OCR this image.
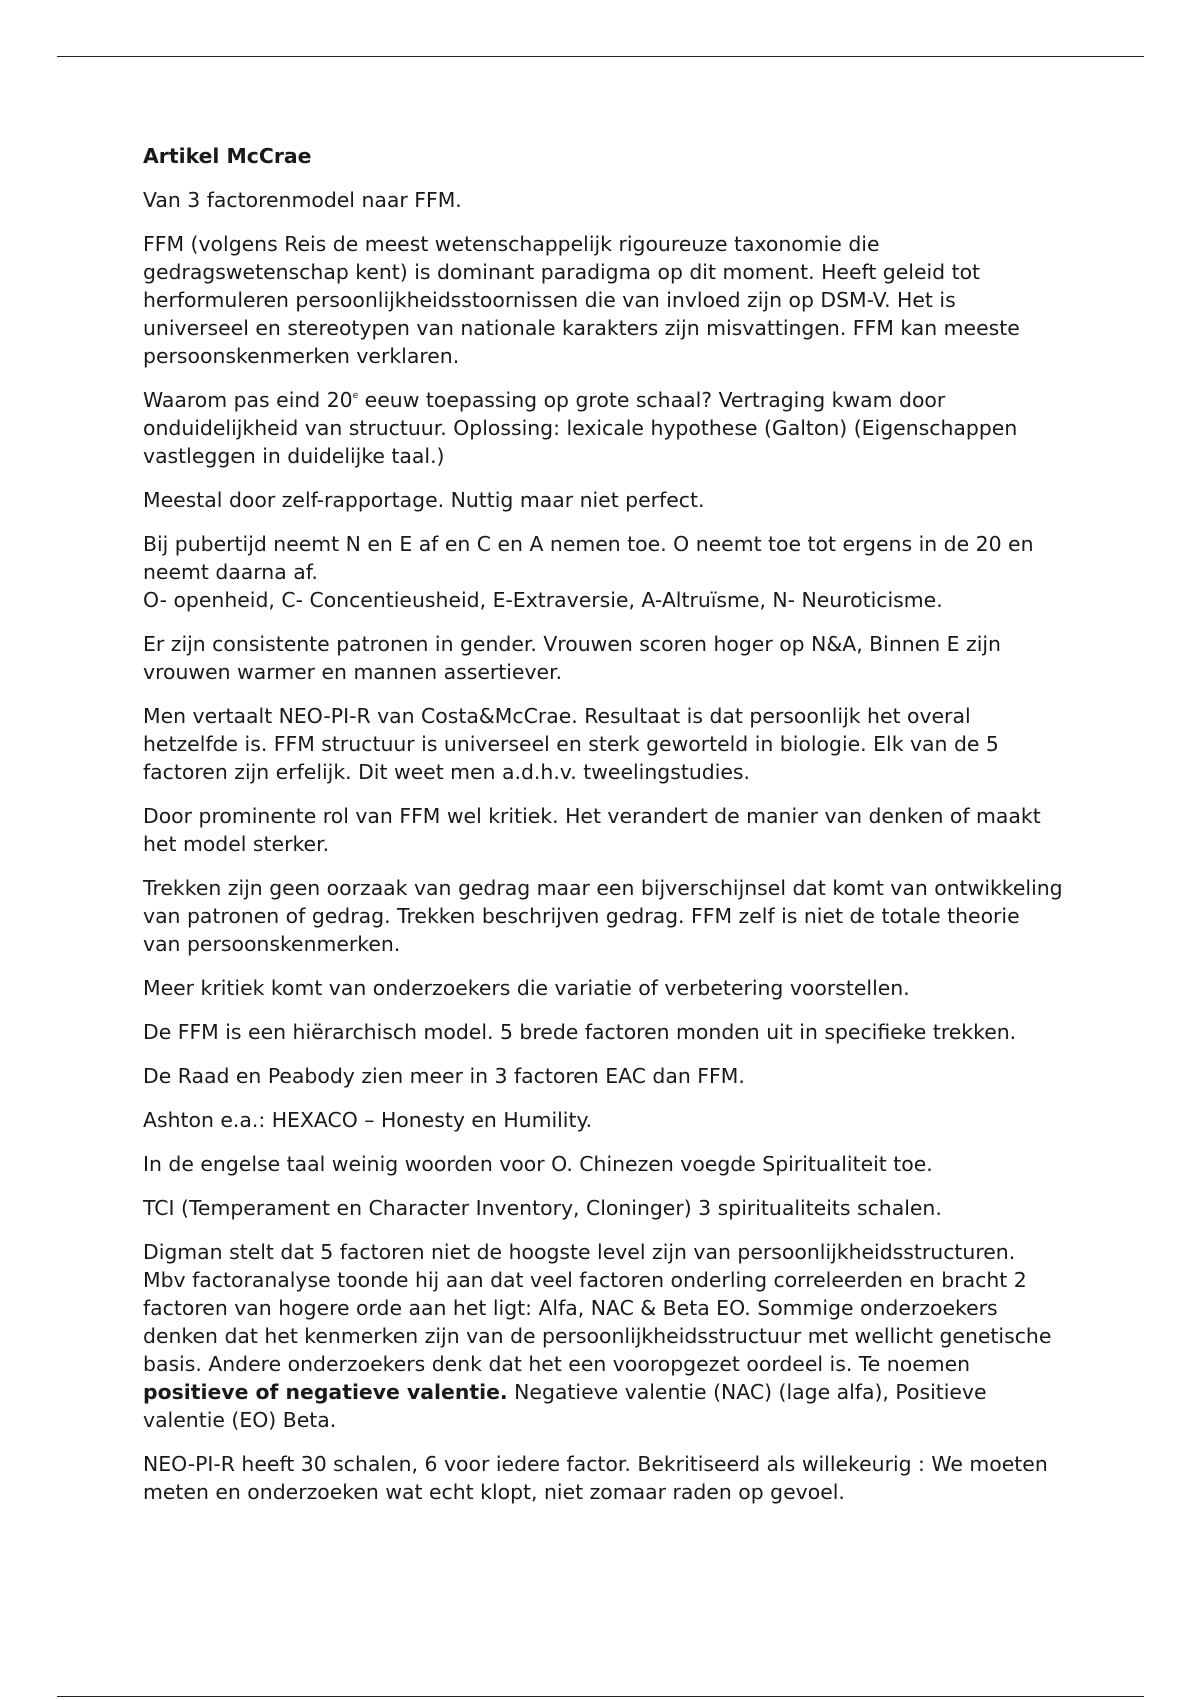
Artikel McCrae

Van 3 factorenmodel naar FFM.

FFM (volgens Reis de meest wetenschappelijk rigoureuze taxonomie die gedragswetenschap kent) is dominant paradigma op dit moment. Heeft geleid tot herformuleren persoonlijkheidsstoornissen die van invloed zijn op DSM-V. Het is universeel en stereotypen van nationale karakters zijn misvattingen. FFM kan meeste persoonskenmerken verklaren.

Waarom pas eind 20e eeuw toepassing op grote schaal? Vertraging kwam door onduidelijkheid van structuur. Oplossing: lexicale hypothese (Galton) (Eigenschappen vastleggen in duidelijke taal.)

Meestal door zelf-rapportage. Nuttig maar niet perfect.

Bij pubertijd neemt N en E af en C en A nemen toe. O neemt toe tot ergens in de 20 en neemt daarna af.
O- openheid, C- Concentieusheid, E-Extraversie, A-Altruïsme, N- Neuroticisme.

Er zijn consistente patronen in gender. Vrouwen scoren hoger op N&A, Binnen E zijn vrouwen warmer en mannen assertiever.

Men vertaalt NEO-PI-R van Costa&McCrae. Resultaat is dat persoonlijk het overal hetzelfde is. FFM structuur is universeel en sterk geworteld in biologie. Elk van de 5 factoren zijn erfelijk. Dit weet men a.d.h.v. tweelingstudies.

Door prominente rol van FFM wel kritiek. Het verandert de manier van denken of maakt het model sterker.

Trekken zijn geen oorzaak van gedrag maar een bijverschijnsel dat komt van ontwikkeling van patronen of gedrag. Trekken beschrijven gedrag. FFM zelf is niet de totale theorie van persoonskenmerken.

Meer kritiek komt van onderzoekers die variatie of verbetering voorstellen.

De FFM is een hiërarchisch model. 5 brede factoren monden uit in specifieke trekken.

De Raad en Peabody zien meer in 3 factoren EAC dan FFM.

Ashton e.a.: HEXACO – Honesty en Humility.

In de engelse taal weinig woorden voor O. Chinezen voegde Spiritualiteit toe.

TCI (Temperament en Character Inventory, Cloninger) 3 spiritualiteits schalen.

Digman stelt dat 5 factoren niet de hoogste level zijn van persoonlijkheidsstructuren. Mbv factoranalyse toonde hij aan dat veel factoren onderling correleerden en bracht 2 factoren van hogere orde aan het ligt: Alfa, NAC & Beta EO. Sommige onderzoekers denken dat het kenmerken zijn van de persoonlijkheidsstructuur met wellicht genetische basis. Andere onderzoekers denk dat het een vooropgezet oordeel is. Te noemen positieve of negatieve valentie. Negatieve valentie (NAC) (lage alfa), Positieve valentie (EO) Beta.

NEO-PI-R heeft 30 schalen, 6 voor iedere factor. Bekritiseerd als willekeurig : We moeten meten en onderzoeken wat echt klopt, niet zomaar raden op gevoel.
